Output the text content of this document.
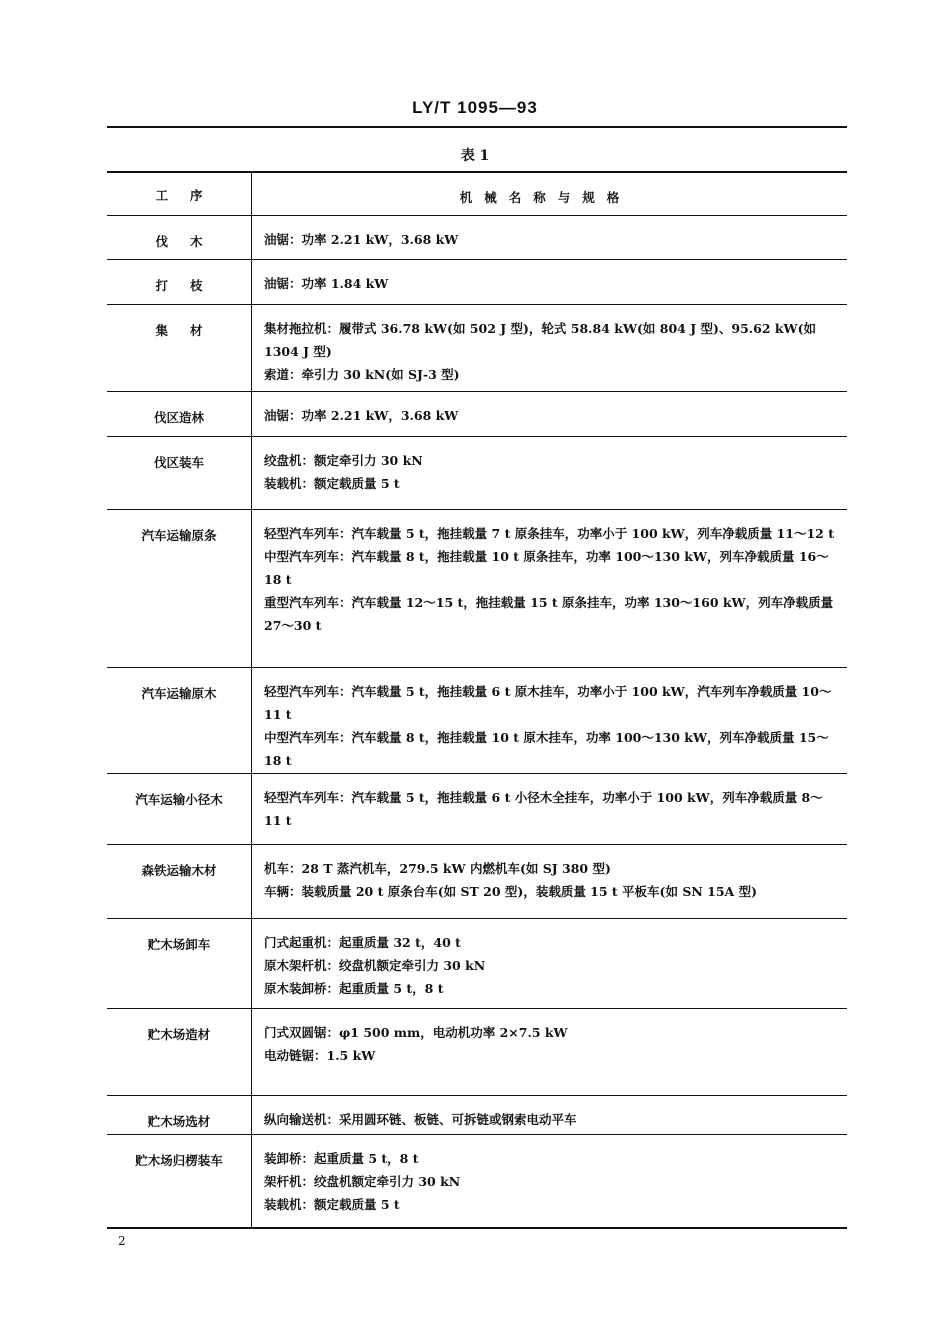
LY/T 1095—93
表 1
工序	机械名称与规格
伐木	油锯：功率 2.21 kW，3.68 kW
打枝	油锯：功率 1.84 kW
集材	集材拖拉机：履带式 36.78 kW(如 502 J 型)，轮式 58.84 kW(如 804 J 型)、95.62 kW(如 1304 J 型)
索道：牵引力 30 kN(如 SJ-3 型)
伐区造林	油锯：功率 2.21 kW，3.68 kW
伐区装车	绞盘机：额定牵引力 30 kN
装载机：额定载质量 5 t
汽车运输原条	轻型汽车列车：汽车载量 5 t，拖挂载量 7 t 原条挂车，功率小于 100 kW，列车净载质量 11～12 t
中型汽车列车：汽车载量 8 t，拖挂载量 10 t 原条挂车，功率 100～130 kW，列车净载质量 16～18 t
重型汽车列车：汽车载量 12～15 t，拖挂载量 15 t 原条挂车，功率 130～160 kW，列车净载质量 27～30 t
汽车运输原木	轻型汽车列车：汽车载量 5 t，拖挂载量 6 t 原木挂车，功率小于 100 kW，汽车列车净载质量 10～11 t
中型汽车列车：汽车载量 8 t，拖挂载量 10 t 原木挂车，功率 100～130 kW，列车净载质量 15～18 t
汽车运输小径木	轻型汽车列车：汽车载量 5 t，拖挂载量 6 t 小径木全挂车，功率小于 100 kW，列车净载质量 8～11 t
森铁运输木材	机车：28 T 蒸汽机车，279.5 kW 内燃机车(如 SJ 380 型)
车辆：装载质量 20 t 原条台车(如 ST 20 型)，装载质量 15 t 平板车(如 SN 15A 型)
贮木场卸车	门式起重机：起重质量 32 t，40 t
原木架杆机：绞盘机额定牵引力 30 kN
原木装卸桥：起重质量 5 t，8 t
贮木场造材	门式双圆锯：φ1 500 mm，电动机功率 2×7.5 kW
电动链锯：1.5 kW
贮木场选材	纵向输送机：采用圆环链、板链、可拆链或钢索电动平车
贮木场归楞装车	装卸桥：起重质量 5 t，8 t
架杆机：绞盘机额定牵引力 30 kN
装载机：额定载质量 5 t
2
